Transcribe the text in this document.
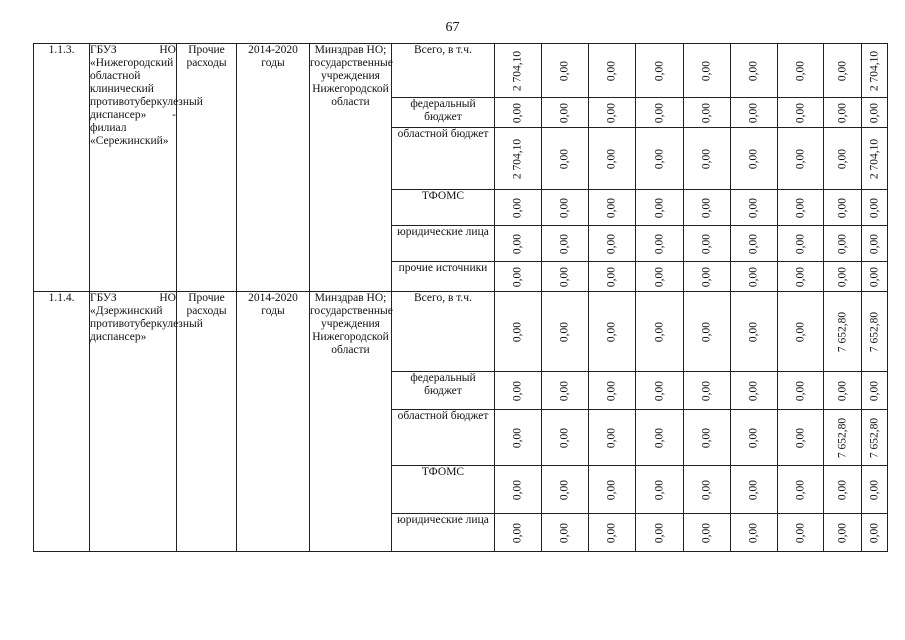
67
1.1.3.	ГБУЗ НО «Нижегородский областной клинический противотуберкулезный диспансер» - филиал «Сережинский»	Прочие расходы	2014-2020 годы	Минздрав НО; государственные учреждения Нижегородской области	Всего, в т.ч.	2 704,10	0,00	0,00	0,00	0,00	0,00	0,00	0,00	2 704,10

					федеральный бюджет	0,00	0,00	0,00	0,00	0,00	0,00	0,00	0,00	0,00

					областной бюджет	2 704,10	0,00	0,00	0,00	0,00	0,00	0,00	0,00	2 704,10

					ТФОМС	0,00	0,00	0,00	0,00	0,00	0,00	0,00	0,00	0,00

					юридические лица	0,00	0,00	0,00	0,00	0,00	0,00	0,00	0,00	0,00

					прочие источники	0,00	0,00	0,00	0,00	0,00	0,00	0,00	0,00	0,00

1.1.4.	ГБУЗ НО «Дзержинский противотуберкулезный диспансер»	Прочие расходы	2014-2020 годы	Минздрав НО; государственные учреждения Нижегородской области	Всего, в т.ч.	0,00	0,00	0,00	0,00	0,00	0,00	0,00	7 652,80	7 652,80

					федеральный бюджет	0,00	0,00	0,00	0,00	0,00	0,00	0,00	0,00	0,00

					областной бюджет	0,00	0,00	0,00	0,00	0,00	0,00	0,00	7 652,80	7 652,80

					ТФОМС	0,00	0,00	0,00	0,00	0,00	0,00	0,00	0,00	0,00

					юридические лица	0,00	0,00	0,00	0,00	0,00	0,00	0,00	0,00	0,00
